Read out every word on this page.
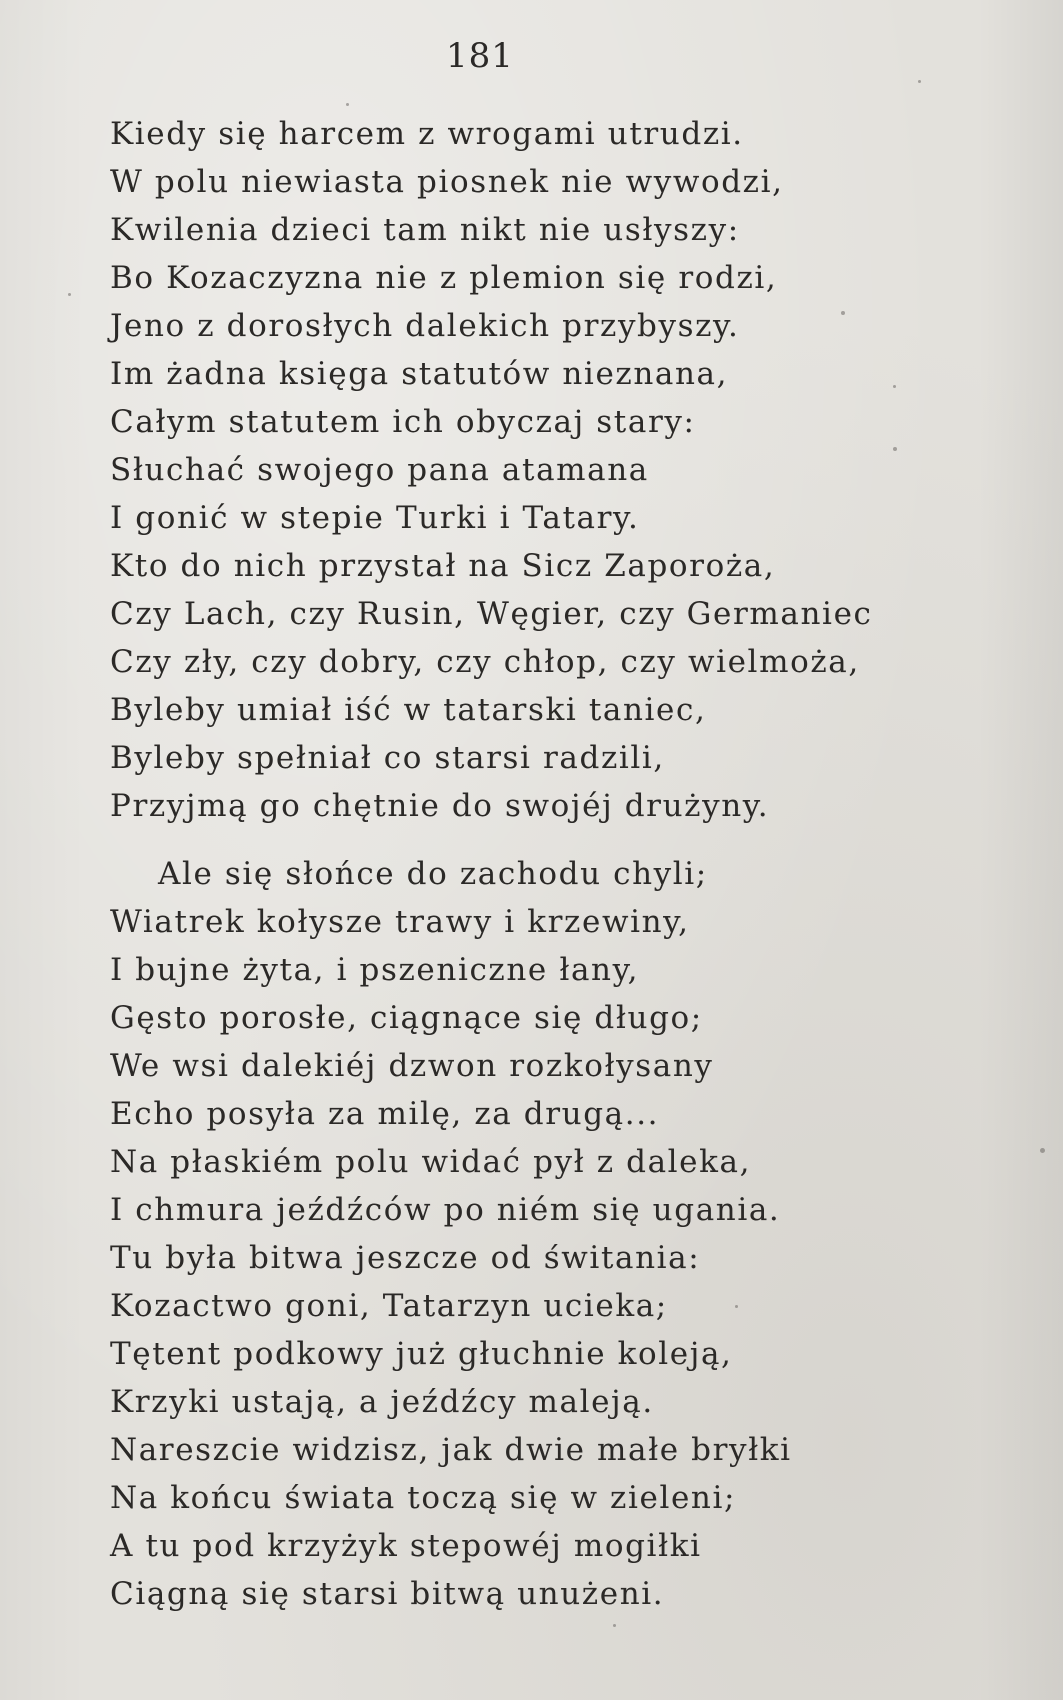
181
Kiedy się harcem z wrogami utrudzi.
W polu niewiasta piosnek nie wywodzi,
Kwilenia dzieci tam nikt nie usłyszy:
Bo Kozaczyzna nie z plemion się rodzi,
Jeno z dorosłych dalekich przybyszy.
Im żadna księga statutów nieznana,
Całym statutem ich obyczaj stary:
Słuchać swojego pana atamana
I gonić w stepie Turki i Tatary.
Kto do nich przystał na Sicz Zaporoża,
Czy Lach, czy Rusin, Węgier, czy Germaniec
Czy zły, czy dobry, czy chłop, czy wielmoża,
Byleby umiał iść w tatarski taniec,
Byleby spełniał co starsi radzili,
Przyjmą go chętnie do swojéj drużyny.
Ale się słońce do zachodu chyli;
Wiatrek kołysze trawy i krzewiny,
I bujne żyta, i pszeniczne łany,
Gęsto porosłe, ciągnące się długo;
We wsi dalekiéj dzwon rozkołysany
Echo posyła za milę, za drugą...
Na płaskiém polu widać pył z daleka,
I chmura jeźdźców po niém się ugania.
Tu była bitwa jeszcze od świtania:
Kozactwo goni, Tatarzyn ucieka;
Tętent podkowy już głuchnie koleją,
Krzyki ustają, a jeźdźcy maleją.
Nareszcie widzisz, jak dwie małe bryłki
Na końcu świata toczą się w zieleni;
A tu pod krzyżyk stepowéj mogiłki
Ciągną się starsi bitwą unużeni.
